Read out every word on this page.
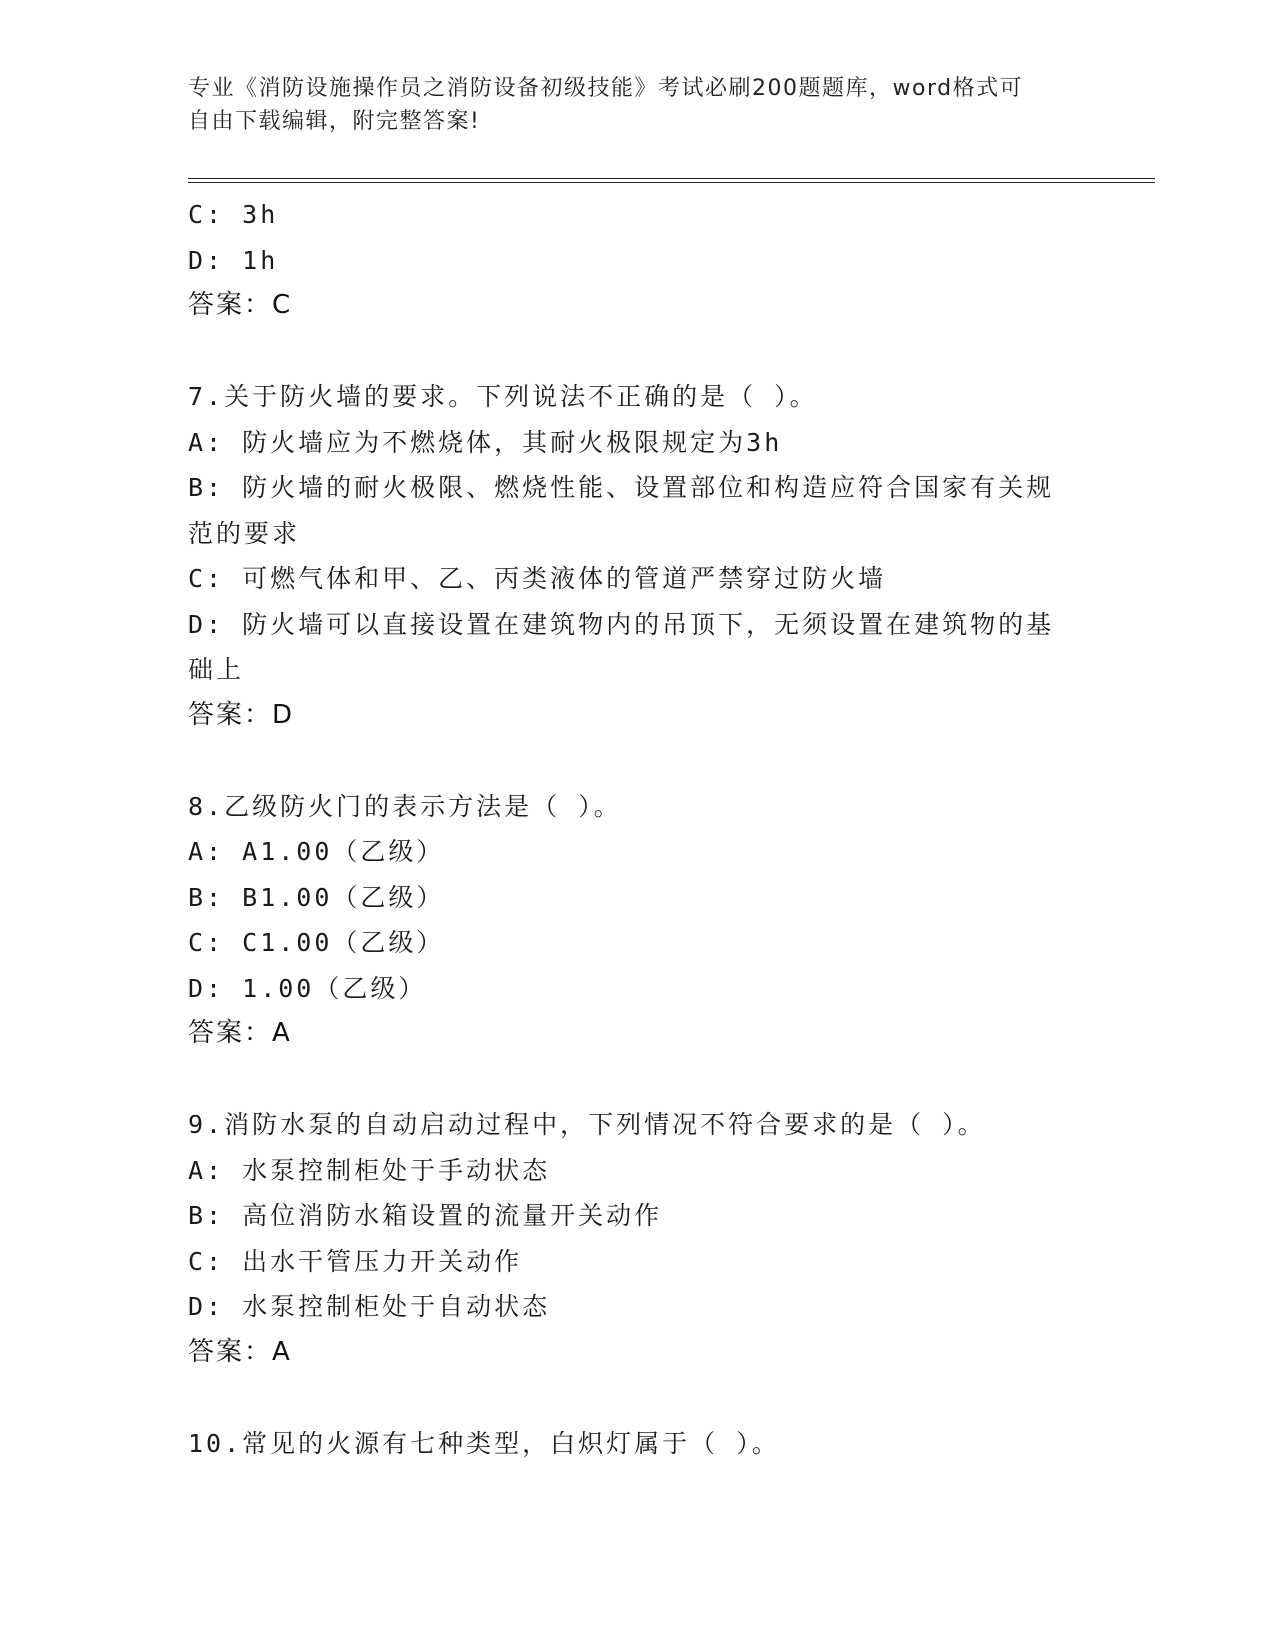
专业《消防设施操作员之消防设备初级技能》考试必刷200题题库，word格式可
自由下载编辑，附完整答案!
C: 3h
D: 1h
答案：C
7.关于防火墙的要求。下列说法不正确的是（ ）。
A: 防火墙应为不燃烧体，其耐火极限规定为3h
B: 防火墙的耐火极限、燃烧性能、设置部位和构造应符合国家有关规
范的要求
C: 可燃气体和甲、乙、丙类液体的管道严禁穿过防火墙
D: 防火墙可以直接设置在建筑物内的吊顶下，无须设置在建筑物的基
础上
答案：D
8.乙级防火门的表示方法是（ ）。
A: A1.00（乙级）
B: B1.00（乙级）
C: C1.00（乙级）
D: 1.00（乙级）
答案：A
9.消防水泵的自动启动过程中，下列情况不符合要求的是（ ）。
A: 水泵控制柜处于手动状态
B: 高位消防水箱设置的流量开关动作
C: 出水干管压力开关动作
D: 水泵控制柜处于自动状态
答案：A
10.常见的火源有七种类型，白炽灯属于（ ）。
